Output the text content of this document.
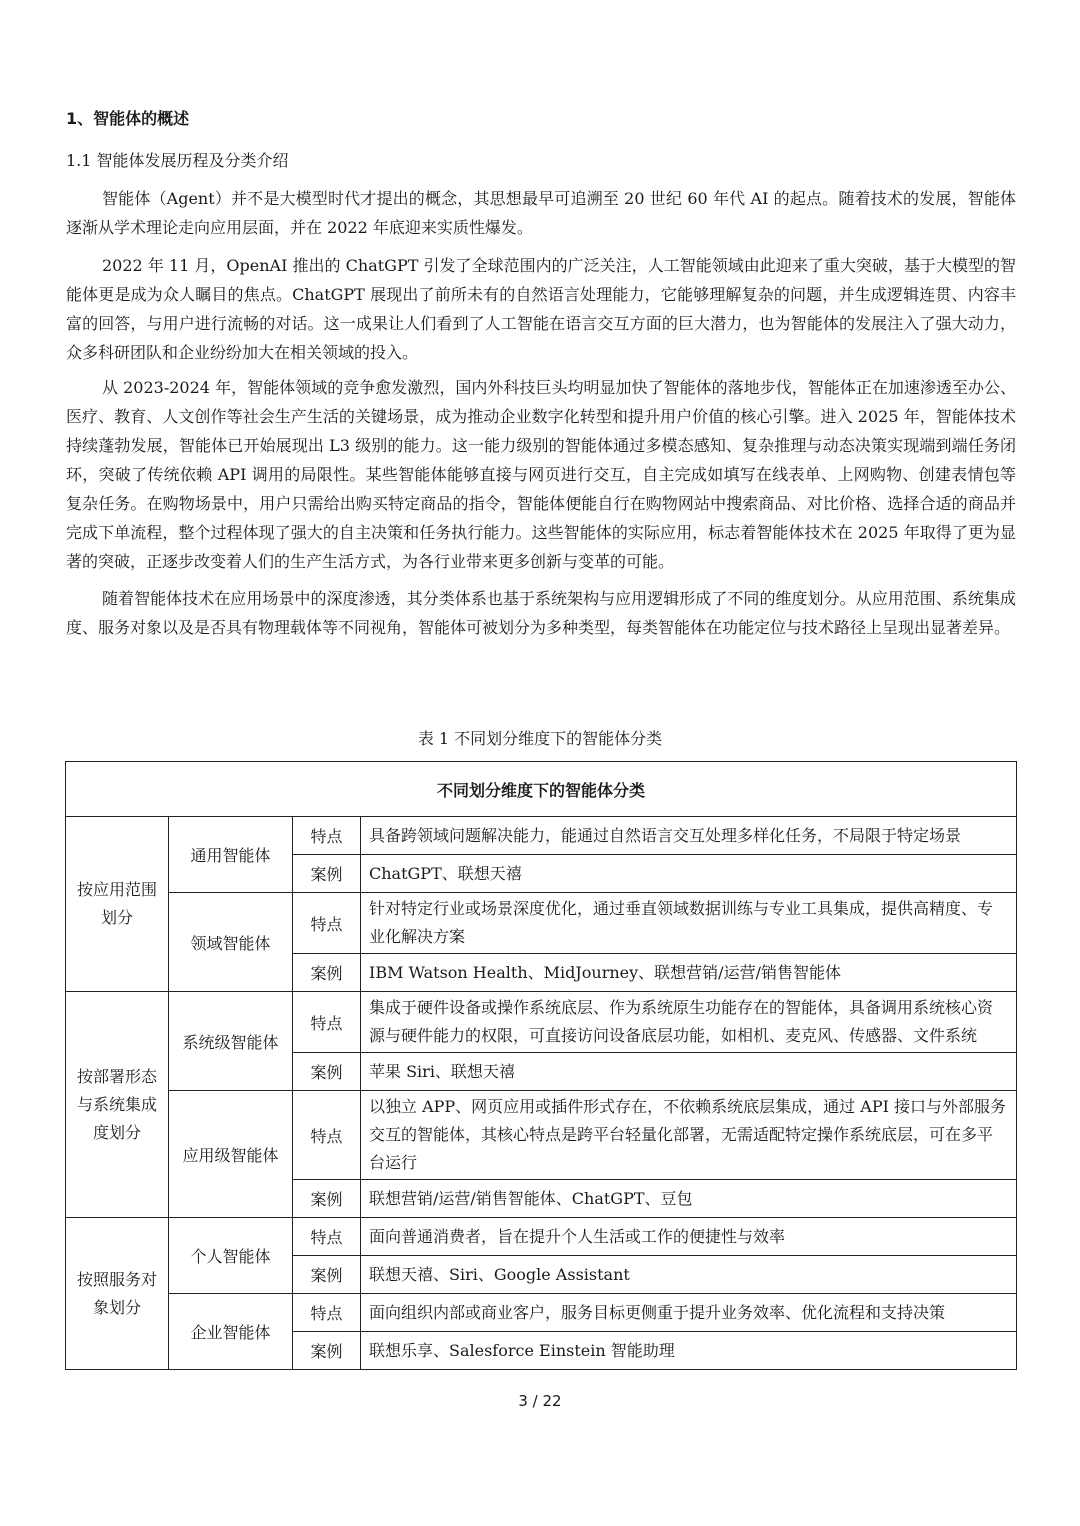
1、智能体的概述
1.1 智能体发展历程及分类介绍

智能体（Agent）并不是大模型时代才提出的概念，其思想最早可追溯至 20 世纪 60 年代 AI 的起点。随着技术的发展，智能体逐渐从学术理论走向应用层面，并在 2022 年底迎来实质性爆发。

2022 年 11 月，OpenAI 推出的 ChatGPT 引发了全球范围内的广泛关注，人工智能领域由此迎来了重大突破，基于大模型的智能体更是成为众人瞩目的焦点。ChatGPT 展现出了前所未有的自然语言处理能力，它能够理解复杂的问题，并生成逻辑连贯、内容丰富的回答，与用户进行流畅的对话。这一成果让人们看到了人工智能在语言交互方面的巨大潜力，也为智能体的发展注入了强大动力，众多科研团队和企业纷纷加大在相关领域的投入。

从 2023-2024 年，智能体领域的竞争愈发激烈，国内外科技巨头均明显加快了智能体的落地步伐，智能体正在加速渗透至办公、医疗、教育、人文创作等社会生产生活的关键场景，成为推动企业数字化转型和提升用户价值的核心引擎。进入 2025 年，智能体技术持续蓬勃发展，智能体已开始展现出 L3 级别的能力。这一能力级别的智能体通过多模态感知、复杂推理与动态决策实现端到端任务闭环，突破了传统依赖 API 调用的局限性。某些智能体能够直接与网页进行交互，自主完成如填写在线表单、上网购物、创建表情包等复杂任务。在购物场景中，用户只需给出购买特定商品的指令，智能体便能自行在购物网站中搜索商品、对比价格、选择合适的商品并完成下单流程，整个过程体现了强大的自主决策和任务执行能力。这些智能体的实际应用，标志着智能体技术在 2025 年取得了更为显著的突破，正逐步改变着人们的生产生活方式，为各行业带来更多创新与变革的可能。

随着智能体技术在应用场景中的深度渗透，其分类体系也基于系统架构与应用逻辑形成了不同的维度划分。从应用范围、系统集成度、服务对象以及是否具有物理载体等不同视角，智能体可被划分为多种类型，每类智能体在功能定位与技术路径上呈现出显著差异。

表 1 不同划分维度下的智能体分类
不同划分维度下的智能体分类			
按应用范围划分	通用智能体	特点	具备跨领域问题解决能力，能通过自然语言交互处理多样化任务，不局限于特定场景
		案例	ChatGPT、联想天禧
	领域智能体	特点	针对特定行业或场景深度优化，通过垂直领域数据训练与专业工具集成，提供高精度、专业化解决方案
		案例	IBM Watson Health、MidJourney、联想营销/运营/销售智能体
按部署形态与系统集成度划分	系统级智能体	特点	集成于硬件设备或操作系统底层、作为系统原生功能存在的智能体，具备调用系统核心资源与硬件能力的权限，可直接访问设备底层功能，如相机、麦克风、传感器、文件系统
		案例	苹果 Siri、联想天禧
	应用级智能体	特点	以独立 APP、网页应用或插件形式存在，不依赖系统底层集成，通过 API 接口与外部服务交互的智能体，其核心特点是跨平台轻量化部署，无需适配特定操作系统底层，可在多平台运行
		案例	联想营销/运营/销售智能体、ChatGPT、豆包
按照服务对象划分	个人智能体	特点	面向普通消费者，旨在提升个人生活或工作的便捷性与效率
		案例	联想天禧、Siri、Google Assistant
	企业智能体	特点	面向组织内部或商业客户，服务目标更侧重于提升业务效率、优化流程和支持决策
		案例	联想乐享、Salesforce Einstein 智能助理
3 / 22
